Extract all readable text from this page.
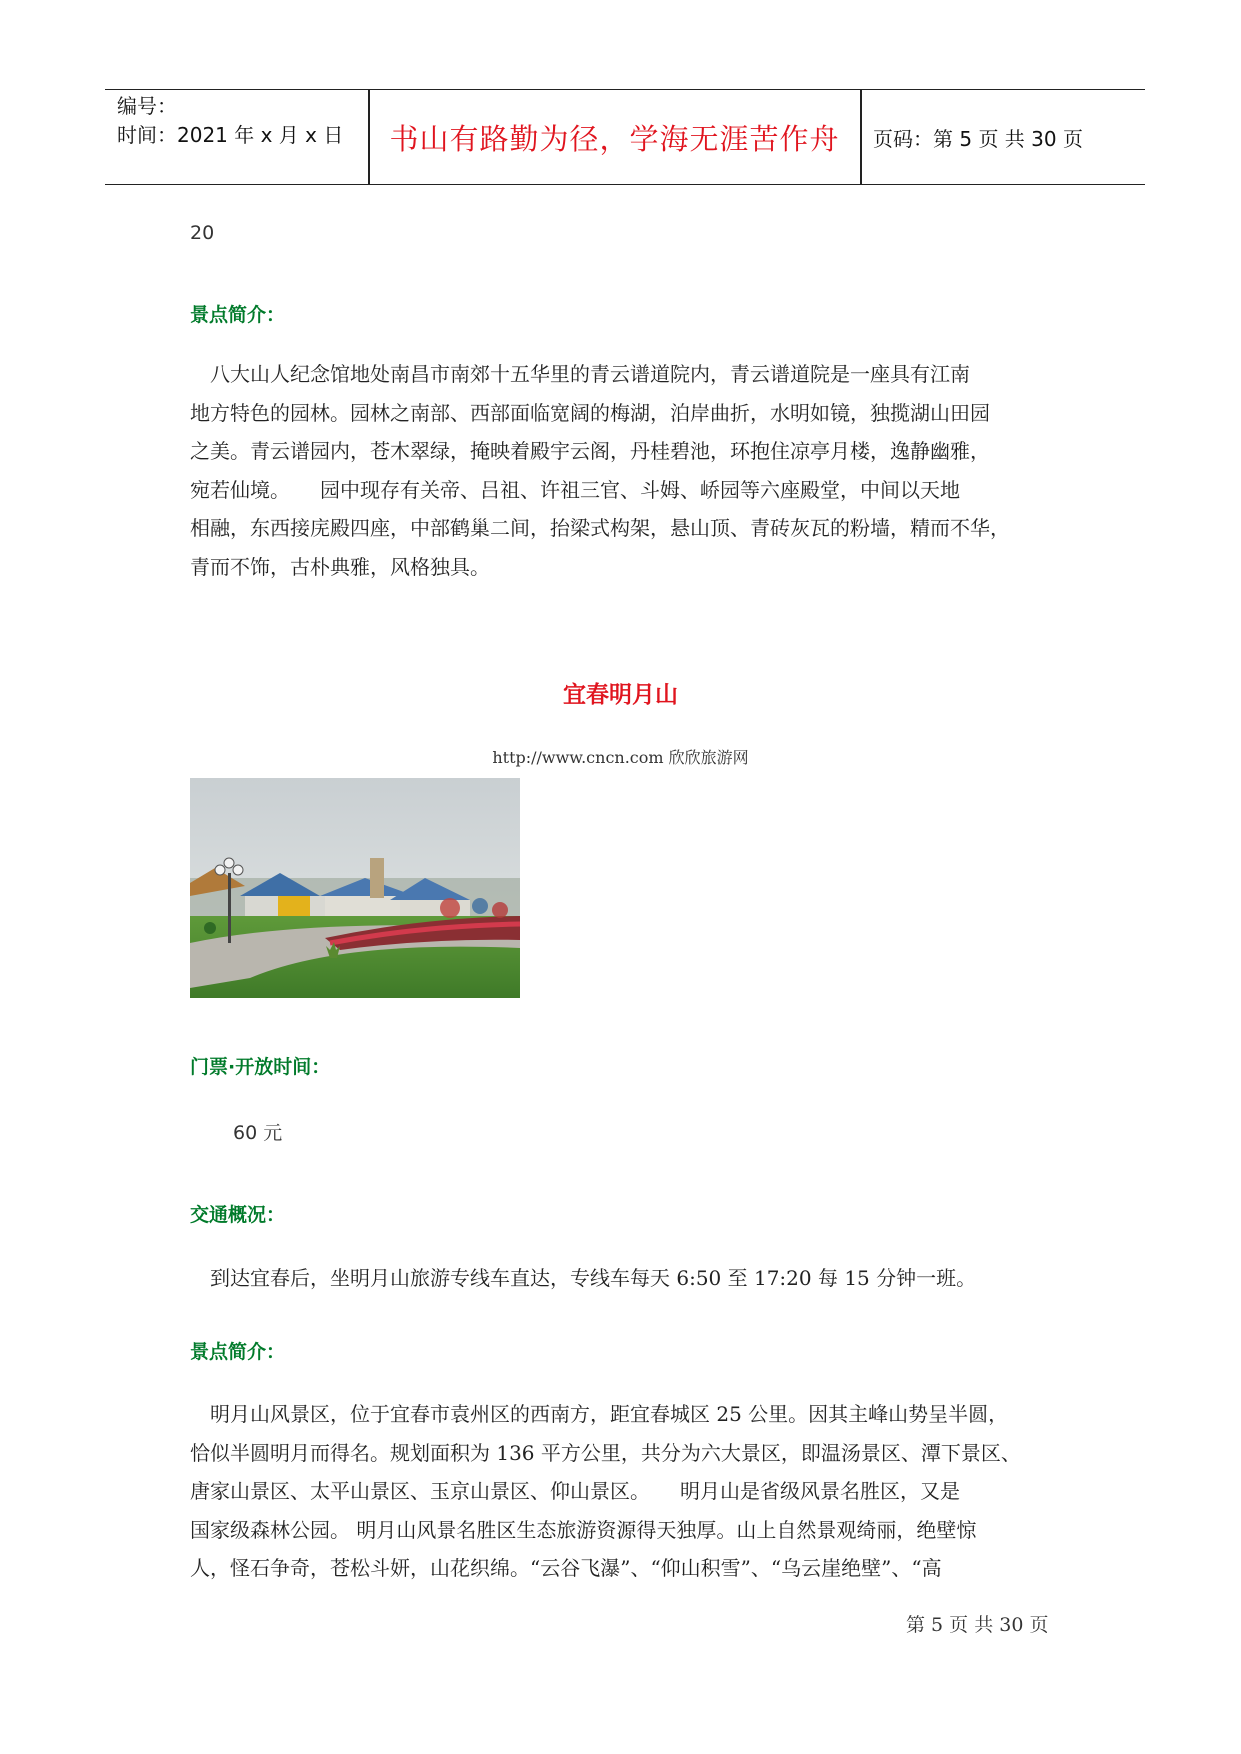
编号：
时间：2021 年 x 月 x 日	书山有路勤为径，学海无涯苦作舟	页码：第 5 页 共 30 页
20
景点简介：
　八大山人纪念馆地处南昌市南郊十五华里的青云谱道院内，青云谱道院是一座具有江南
地方特色的园林。园林之南部、西部面临宽阔的梅湖，泊岸曲折，水明如镜，独揽湖山田园
之美。青云谱园内，苍木翠绿，掩映着殿宇云阁，丹桂碧池，环抱住凉亭月楼，逸静幽雅，
宛若仙境。　　园中现存有关帝、吕祖、许祖三官、斗姆、峤园等六座殿堂，中间以天地
相融，东西接庑殿四座，中部鹤巢二间，抬梁式构架，悬山顶、青砖灰瓦的粉墙，精而不华，
青而不饰，古朴典雅，风格独具。
宜春明月山
http://www.cncn.com 欣欣旅游网
门票·开放时间：
60 元
交通概况：
　到达宜春后，坐明月山旅游专线车直达，专线车每天 6:50 至 17:20 每 15 分钟一班。
景点简介：
　明月山风景区，位于宜春市袁州区的西南方，距宜春城区 25 公里。因其主峰山势呈半圆，
恰似半圆明月而得名。规划面积为 136 平方公里，共分为六大景区，即温汤景区、潭下景区、
唐家山景区、太平山景区、玉京山景区、仰山景区。　　明月山是省级风景名胜区，又是
国家级森林公园。 明月山风景名胜区生态旅游资源得天独厚。山上自然景观绮丽，绝壁惊
人，怪石争奇，苍松斗妍，山花织绵。“云谷飞瀑”、“仰山积雪”、“乌云崖绝壁”、“高
第 5 页 共 30 页
